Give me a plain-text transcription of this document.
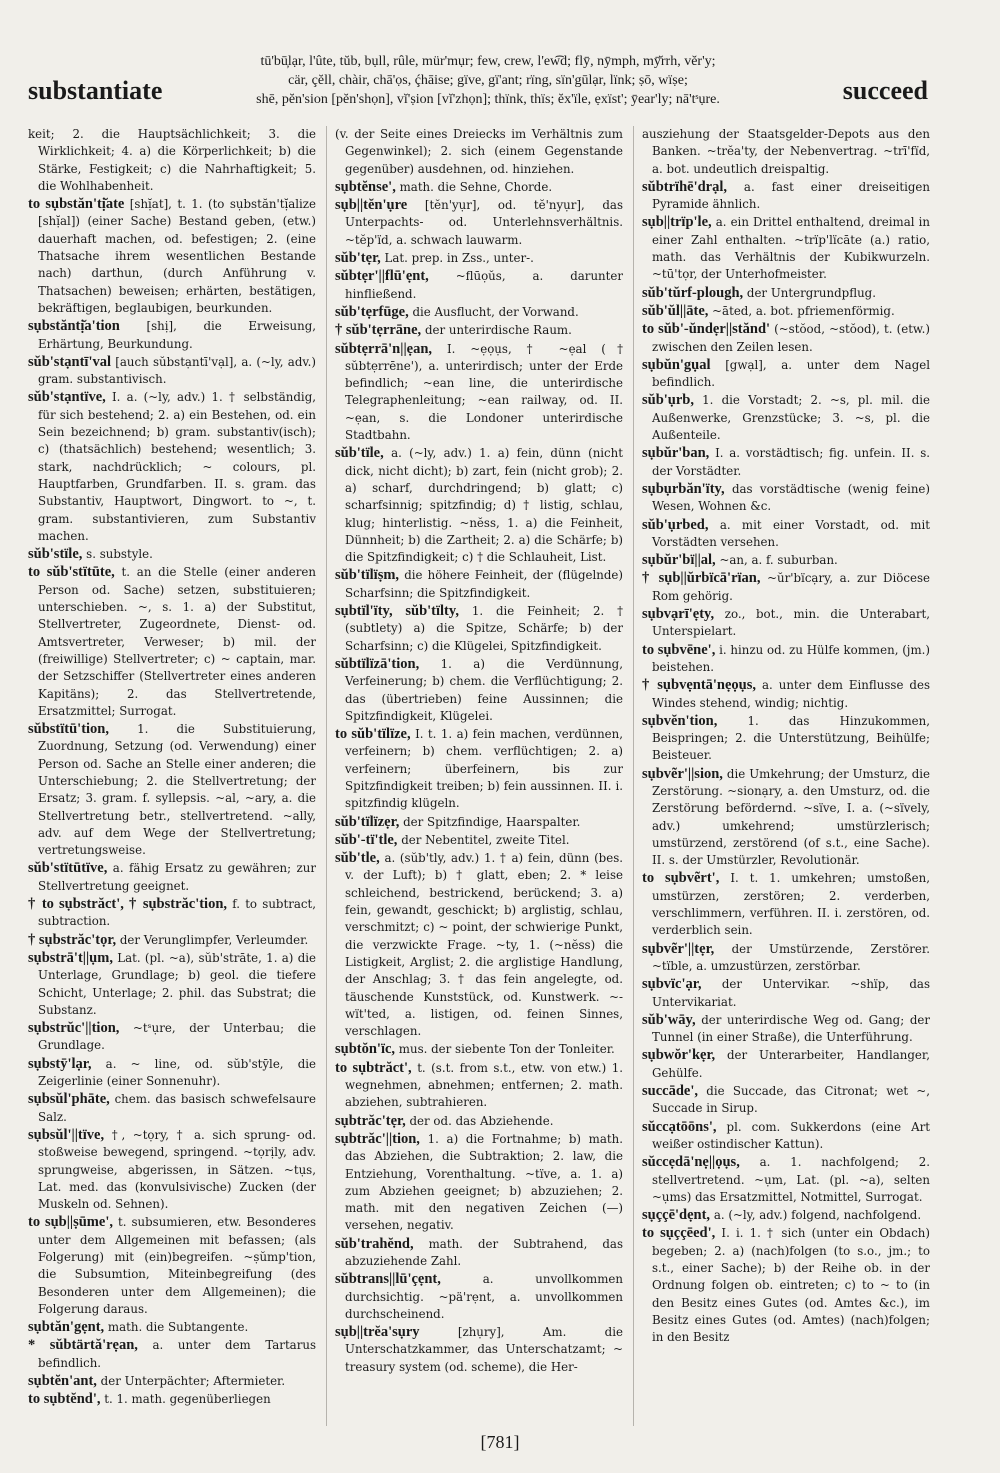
substantiate
tū'bū̦lạr, l'ûte, tŭb, bụll, rûle, mür'mụr; few, crew, l'ew͡d; flȳ, nȳmph, mȳ̆rrh, vĕr'y;
cär, çĕll, chàir, chā'ọs, ḉhāise; gïve, gï'ant; rïng, sïn'gūlạr, lïnk; ṣō, wïṣe;
shē, pĕn'sion [pĕn'shọn], vĭ'ṣion [vĭ'zhọn]; thïnk, thïs; ĕx'ïle, ẹxïst'; ȳear'ly; nā'tˢụre.	succeed
keit; 2. die Hauptsächlichkeit; 3. die Wirklichkeit; 4. a) die Körperlichkeit; b) die Stärke, Festigkeit; c) die Nahrhaftigkeit; 5. die Wohlhabenheit.
to sụbstăn'tị̆ate [shị̆at], t. 1. (to sụbstăn'tị̆alize [shị̆al]) (einer Sache) Bestand geben, (etw.) dauerhaft machen, od. befestigen; 2. (eine Thatsache ihrem wesentlichen Bestande nach) darthun, (durch Anführung v. Thatsachen) beweisen; erhärten, bestätigen, bekräftigen, beglaubigen, beurkunden.
sụbstăntị̆a'tion [shị], die Erweisung, Erhärtung, Beurkundung.
sŭb'stạntī'val [auch sŭbstạntī'vạl], a. (~ly, adv.) gram. substantivisch.
sŭb'stạntïve, I. a. (~ly, adv.) 1. † selbständig, für sich bestehend; 2. a) ein Bestehen, od. ein Sein bezeichnend; b) gram. substantiv(isch); c) (thatsächlich) bestehend; wesentlich; 3. stark, nachdrücklich; ~ colours, pl. Hauptfarben, Grundfarben. II. s. gram. das Substantiv, Hauptwort, Dingwort. to ~, t. gram. substantivieren, zum Substantiv machen.
sŭb'stïle, s. substyle.
to sŭb'stïtūte, t. an die Stelle (einer anderen Person od. Sache) setzen, substituieren; unterschieben. ~, s. 1. a) der Substitut, Stellvertreter, Zugeordnete, Dienst- od. Amtsvertreter, Verweser; b) mil. der (freiwillige) Stellvertreter; c) ~ captain, mar. der Setzschiffer (Stellvertreter eines anderen Kapitäns); 2. das Stellvertretende, Ersatzmittel; Surrogat.
sŭbstïtū'tion, 1. die Substituierung, Zuordnung, Setzung (od. Verwendung) einer Person od. Sache an Stelle einer anderen; die Unterschiebung; 2. die Stellvertretung; der Ersatz; 3. gram. f. syllepsis. ~al, ~ary, a. die Stellvertretung betr., stellvertretend. ~ally, adv. auf dem Wege der Stellvertretung; vertretungsweise.
sŭb'stïtūtïve, a. fähig Ersatz zu gewähren; zur Stellvertretung geeignet.
† to sụbstrăct', † sụbstrăc'tion, f. to subtract, subtraction.
† sụbstrăc'tọr, der Verunglimpfer, Verleumder.
sụbstrā't||ụm, Lat. (pl. ~a), sŭb'strāte, 1. a) die Unterlage, Grundlage; b) geol. die tiefere Schicht, Unterlage; 2. phil. das Substrat; die Substanz.
sụbstrŭc'||tion, ~tˢụre, der Unterbau; die Grundlage.
sụbstȳ'lạr, a. ~ line, od. sŭb'stȳle, die Zeigerlinie (einer Sonnenuhr).
sụbsŭl'phāte, chem. das basisch schwefelsaure Salz.
sụbsŭl'||tïve, †, ~tọry, † a. sich sprung- od. stoßweise bewegend, springend. ~tọrịly, adv. sprungweise, abgerissen, in Sätzen. ~tụs, Lat. med. das (konvulsivische) Zucken (der Muskeln od. Sehnen).
to sụb||ṣūme', t. subsumieren, etw. Besonderes unter dem Allgemeinen mit befassen; (als Folgerung) mit (ein)begreifen. ~ṣŭmp'tion, die Subsumtion, Miteinbegreifung (des Besonderen unter dem Allgemeinen); die Folgerung daraus.
sụbtăn'gẹnt, math. die Subtangente.
* sŭbtärtă'rẹan, a. unter dem Tartarus befindlich.
sụbtĕn'ant, der Unterpächter; Aftermieter.
to sụbtĕnd', t. 1. math. gegenüberliegen
(v. der Seite eines Dreiecks im Verhältnis zum Gegenwinkel); 2. sich (einem Gegenstande gegenüber) ausdehnen, od. hinziehen.
sụbtĕnse', math. die Sehne, Chorde.
sụb||tĕn'ụre [tĕn'yụr], od. tĕ'nyụr], das Unterpachts- od. Unterlehnsverhältnis. ~tĕp'ïd, a. schwach lauwarm.
sŭb'tẹr, Lat. prep. in Zss., unter-.
sŭbtẹr'||flū'ẹnt, ~flūọŭs, a. darunter hinfließend.
sŭb'tẹrfūge, die Ausflucht, der Vorwand.
† sŭb'tẹrrāne, der unterirdische Raum.
sŭbtẹrrā'n||ẹan, I. ~ẹọụs, † ~ẹal († sŭbtẹrrēne'), a. unterirdisch; unter der Erde befindlich; ~ean line, die unterirdische Telegraphenleitung; ~ean railway, od. II. ~ẹan, s. die Londoner unterirdische Stadtbahn.
sŭb'tïle, a. (~ly, adv.) 1. a) fein, dünn (nicht dick, nicht dicht); b) zart, fein (nicht grob); 2. a) scharf, durchdringend; b) glatt; c) scharfsinnig; spitzfindig; d) † listig, schlau, klug; hinterlistig. ~nĕss, 1. a) die Feinheit, Dünnheit; b) die Zartheit; 2. a) die Schärfe; b) die Spitzfindigkeit; c) † die Schlauheit, List.
sŭb'tïlïṣm, die höhere Feinheit, der (flügelnde) Scharfsinn; die Spitzfindigkeit.
sụbtïl'ïty, sŭb'tïlty, 1. die Feinheit; 2. † (subtlety) a) die Spitze, Schärfe; b) der Scharfsinn; c) die Klügelei, Spitzfindigkeit.
sŭbtïlïzā'tion, 1. a) die Verdünnung, Verfeinerung; b) chem. die Verflüchtigung; 2. das (übertrieben) feine Aussinnen; die Spitzfindigkeit, Klügelei.
to sŭb'tïlïze, I. t. 1. a) fein machen, verdünnen, verfeinern; b) chem. verflüchtigen; 2. a) verfeinern; überfeinern, bis zur Spitzfindigkeit treiben; b) fein aussinnen. II. i. spitzfindig klügeln.
sŭb'tïlïzẹr, der Spitzfindige, Haarspalter.
sŭb'-tï'tle, der Nebentitel, zweite Titel.
sŭb'tle, a. (sŭb'tly, adv.) 1. † a) fein, dünn (bes. v. der Luft); b) † glatt, eben; 2. * leise schleichend, bestrickend, berückend; 3. a) fein, gewandt, geschickt; b) arglistig, schlau, verschmitzt; c) ~ point, der schwierige Punkt, die verzwickte Frage. ~ty, 1. (~nĕss) die Listigkeit, Arglist; 2. die arglistige Handlung, der Anschlag; 3. † das fein angelegte, od. täuschende Kunststück, od. Kunstwerk. ~-wït'ted, a. listigen, od. feinen Sinnes, verschlagen.
sụbtŏn'ïc, mus. der siebente Ton der Tonleiter.
to sụbtrăct', t. (s.t. from s.t., etw. von etw.) 1. wegnehmen, abnehmen; entfernen; 2. math. abziehen, subtrahieren.
sụbtrăc'tẹr, der od. das Abziehende.
sụbtrăc'||tion, 1. a) die Fortnahme; b) math. das Abziehen, die Subtraktion; 2. law, die Entziehung, Vorenthaltung. ~tïve, a. 1. a) zum Abziehen geeignet; b) abzuziehen; 2. math. mit den negativen Zeichen (—) versehen, negativ.
sŭb'trahĕnd, math. der Subtrahend, das abzuziehende Zahl.
sŭbtrans||lū'çẹnt,	a. unvollkommen durchsichtig. ~pä'rẹnt, a. unvollkommen durchscheinend.
sụb||trĕa'sụry	[zhụry], Am. die Unterschatzkammer, das Unterschatzamt; ~ treasury system (od. scheme), die Her-
ausziehung der Staatsgelder-Depots aus den Banken. ~trĕa'ty, der Nebenvertrag. ~trī'fïd, a. bot. undeutlich dreispaltig.
sŭbtrïhē'drạl, a. fast einer dreiseitigen Pyramide ähnlich.
sụb||trïp'le, a. ein Drittel enthaltend, dreimal in einer Zahl enthalten. ~trïp'lïcāte (a.) ratio, math. das Verhältnis der Kubikwurzeln. ~tū'tọr, der Unterhofmeister.
sŭb'tŭrf-plough, der Untergrundpflug.
sŭb'ŭl||āte, ~āted, a. bot. pfriemenförmig.
to sŭb'-ŭndẹr||stănd' (~stŏod, ~stŏod), t. (etw.) zwischen den Zeilen lesen.
sụbŭn'gụal [gwạl], a. unter dem Nagel befindlich.
sŭb'ụrb, 1. die Vorstadt; 2. ~s, pl. mil. die Außenwerke, Grenzstücke; 3. ~s, pl. die Außenteile.
sụbŭr'ban, I. a. vorstädtisch; fig. unfein. II. s. der Vorstädter.
sụbụrbăn'ïty, das vorstädtische (wenig feine) Wesen, Wohnen &c.
sŭb'ụrbed, a. mit einer Vorstadt, od. mit Vorstädten versehen.
sụbŭr'bï||al, ~an, a. f. suburban.
† sụb||ŭrbïcā'rïan, ~ŭr'bïcạry, a. zur Diöcese Rom gehörig.
sụbvạrī'ẹty, zo., bot., min. die Unterabart, Unterspielart.
to sụbvēne', i. hinzu od. zu Hülfe kommen, (jm.) beistehen.
† sụbvẹntā'nẹọụs, a. unter dem Einflusse des Windes stehend, windig; nichtig.
sụbvĕn'tion,	1. das Hinzukommen, Beispringen; 2. die Unterstützung, Beihülfe; Beisteuer.
sụbvẽr'||sion, die Umkehrung; der Umsturz, die Zerstörung. ~sionạry, a. den Umsturz, od. die Zerstörung befördernd. ~sïve, I. a. (~sïvely, adv.) umkehrend; umstürzlerisch; umstürzend, zerstörend (of s.t., eine Sache). II. s. der Umstürzler, Revolutionär.
to sụbvẽrt', I. t. 1. umkehren; umstoßen, umstürzen, zerstören; 2. verderben, verschlimmern, verführen. II. i. zerstören, od. verderblich sein.
sụbvẽr'||tẹr, der Umstürzende, Zerstörer. ~tïble, a. umzustürzen, zerstörbar.
sụbvïc'ạr, der Untervikar. ~shïp, das Untervikariat.
sŭb'wāy, der unterirdische Weg od. Gang; der Tunnel (in einer Straße), die Unterführung.
sụbwŏr'kẹr, der Unterarbeiter, Handlanger, Gehülfe.
succāde', die Succade, das Citronat; wet ~, Succade in Sirup.
sŭccạtōōns', pl. com. Sukkerdons (eine Art weißer ostindischer Kattun).
sŭccẹdā'nẹ||ọụs, a. 1. nachfolgend; 2. stellvertretend. ~ụm, Lat. (pl. ~a), selten ~ụms) das Ersatzmittel, Notmittel, Surrogat.
sụççē'dẹnt, a. (~ly, adv.) folgend, nachfolgend.
to sụççēed', I. i. 1. † sich (unter ein Obdach) begeben; 2. a) (nach)folgen (to s.o., jm.; to s.t., einer Sache); b) der Reihe ob. in der Ordnung folgen ob. eintreten; c) to ~ to (in den Besitz eines Gutes (od. Amtes &c.), im Besitz eines Gutes (od. Amtes) (nach)folgen; in den Besitz
[781]
